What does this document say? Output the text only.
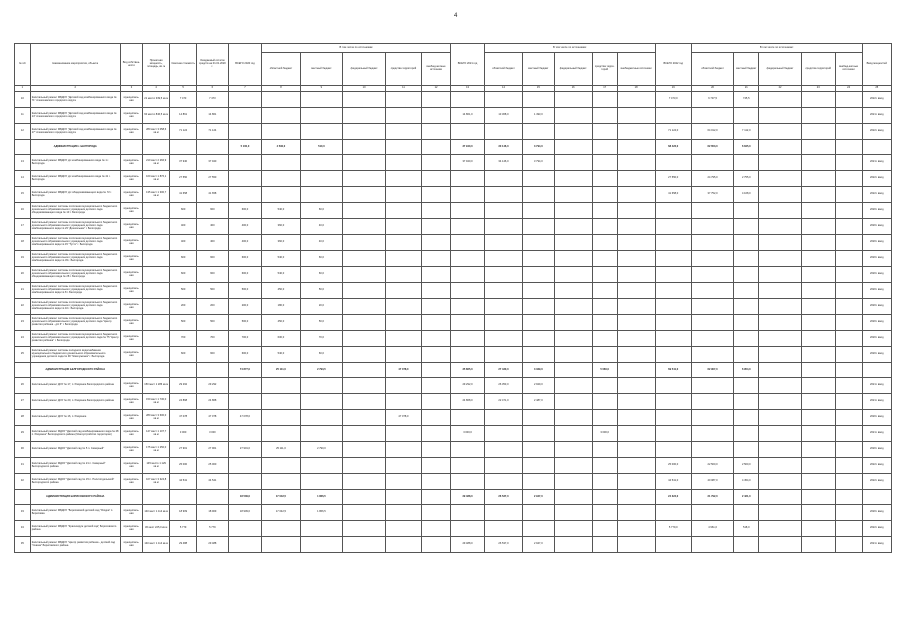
4
№ п/п	Наименование мероприятия, объекта	Вид собствен-ности	Проектная мощность, площадь, кв. м	Сметная стоимость	Ожидаемый остаток средств на 01.01.2020 г.	ВСЕГО 2020 год	В том числе по источникам:					ВСЕГО 2021 год	В том числе по источникам:					ВСЕГО 2022 год	В том числе по источникам:					Ввод мощностей
							областной бюджет	местный бюджет	федеральный бюджет	средства территорий	внебюд-жетные источники		областной бюджет	местный бюджет	федеральный бюджет	средства терри-торий	внебюджетные источники		областной бюджет	местный бюджет	федеральный бюджет	средства территорий	внебюд-жетные источники	
1	2	3	4	5	6	7	8	9	10	11	12	13	14	15	16	17	18	19	20	21	22	23	24	25
10	Капитальный ремонт МБДОУ "Детский сад комбинированного вида № 71" Алексеевского городского округа	муниципаль-ная	21 место 339,5 кв.м	7 473	7 473													7 473,0	6 737,5	745,5				2022г. ввод
11	Капитальный ремонт МБДОУ "Детский сад комбинированного вида № 14" Алексеевского городского округа	муниципаль-ная	60 место 846,5 кв.м	14 861	14 861							14 861,0	13 368,0	1 493,0										2021г. ввод
12	Капитальный ремонт МБДОУ "Детский сад комбинированного вида № 17" Алексеевского городского округа	муниципаль-ная	280 мест 3 058,6 кв.м	71 124	71 124													71 124,0	64 012,0	7 112,0				2022г. ввод
	АДМИНИСТРАЦИЯ г. БЕЛГОРОДА					5 100,0	4 590,0	510,0				37 940,0	30 146,0	3 794,0				68 422,0	62 653,0	6 845,0				
13	Капитальный ремонт МБДОУ д/с комбинированного вида № 1 г. Белгорода	муниципаль-ная	210 мест 2 266,9 кв.м	37 940	37 940							37 940,0	34 146,0	3 794,0										2021г. ввод
14	Капитальный ремонт МБДОУ д/с комбинированного вида № 41 г. Белгорода	муниципаль-ная	160 мест 1 876,1 кв.м	27 550	27 550													27 550,0	24 795,0	2 755,0				2022г. ввод
15	Капитальный ремонт МБДОУ д/с общеразвивающего вида № 72 г. Белгорода	муниципаль-ная	135 мест 1 300,7 кв.м	41 658	41 658													41 658,0	37 752,0	4 168,0				2022г. ввод
16	Капитальный ремонт системы отопления муниципального бюджетного дошкольного образовательного учреждения детского сада общеразвивающего вида № 13 г. Белгорода	муниципаль-ная		600	600	600,0	540,0	60,0																2020г. ввод
17	Капитальный ремонт системы отопления муниципального бюджетного дошкольного образовательного учреждения детского сада комбинированного вида № 23 "Дошкольник" г. Белгорода	муниципаль-ная		400	400	400,0	360,0	40,0																2020г. ввод
18	Капитальный ремонт системы отопления муниципального бюджетного дошкольного образовательного учреждения детского сада комбинированного вида № 15 "Тутти" г. Белгорода	муниципаль-ная		400	400	400,0	360,0	40,0																2020г. ввод
19	Капитальный ремонт системы отопления муниципального бюджетного дошкольного образовательного учреждения детского сада комбинированного вида № 33 г. Белгорода	муниципаль-ная		600	600	600,0	540,0	60,0																2020г. ввод
20	Капитальный ремонт системы отопления муниципального бюджетного дошкольного образовательного учреждения детского сада общеразвивающего вида № 28 г. Белгорода	муниципаль-ная		600	600	600,0	540,0	60,0																2020г. ввод
21	Капитальный ремонт системы отопления муниципального бюджетного дошкольного образовательного учреждения детского сада комбинированного вида № 8 г. Белгорода	муниципаль-ная		500	500	500,0	450,0	50,0																2020г. ввод
22	Капитальный ремонт системы отопления муниципального бюджетного дошкольного образовательного учреждения детского сада комбинированного вида № 10 г. Белгорода	муниципаль-ная		200	200	200,0	180,0	20,0																2020г. ввод
23	Капитальный ремонт системы отопления муниципального бюджетного дошкольного образовательного учреждения детского сада "Центр развития ребенка - д/с 6" г. Белгорода	муниципаль-ная		500	500	500,0	450,0	50,0																2020г. ввод
24	Капитальный ремонт системы отопления муниципального бюджетного дошкольного образовательного учреждения детского сада № 75 "Центр развития ребенка" г. Белгорода	муниципаль-ная		700	700	700,0	630,0	70,0																2020г. ввод
25	Капитальный ремонт системы холодного водоснабжения муниципального бюджетного дошкольного образовательного учреждения детского сада № 90 "Жемчужинка" г. Белгорода	муниципаль-ная		600	600	600,0	540,0	60,0																2020г. ввод
	АДМИНИСТРАЦИЯ БЕЛГОРОДСКОГО РАЙОНА					74 877,0	25 111,0	2 793,5		47 078,0		35 865,0	27 430,0	3 329,0		5 060,0		69 541,0	62 907,0	6 954,0				
26	Капитальный ремонт ДОУ № 17, п. Разумное Белгородского района	муниципаль-ная	150 мест 1 286 кв.м	29 292	29 292							29 292,0	26 353,0	2 929,0										2021г. ввод
27	Капитальный ремонт ДОУ № 20, п. Разумное Белгородского района	муниципаль-ная	150 мест 1 730,0 кв.м	24 868	24 868							24 868,0	22 471,0	2 487,0										2021г. ввод
28	Капитальный ремонт ДОУ № 16, п. Разумное	муниципаль-ная	280 мест 3 600,0 кв.м	47 078	47 078	47 078,0				47 078,0														2020г. ввод
29	Капитальный ремонт МДОУ "Детский сад комбинированного вида № 28 п. Разумное" Белгородского района (благоустройство территории)	муниципаль-ная	147 мест 1 107,7 кв.м	3 000	3 000							3 000,0				3 000,0								2021г. ввод
30	Капитальный ремонт МДОУ "Детский сад № 5 п. Северный"	муниципаль-ная	175 мест 1 250,0 кв.м	27 901	27 901	27 901,0	25 111,0	2 790,0																2020г. ввод
31	Капитальный ремонт МДОУ "Детский сад № 21 п. Северный" Белгородского района	муниципаль-ная	145 место 1 129 кв.м	25 000	25 000													25 000,0	22 500,0	2 500,0				2022г. ввод
32	Капитальный ремонт МДОУ "Детский сад № 15 п. Политотдельский" Белгородского района	муниципаль-ная	107 мест 3 324,8 кв.м	44 541	44 541													44 541,0	40 087,0	4 454,0				2022г. ввод
	АДМИНИСТРАЦИЯ БОРИСОВСКОГО РАЙОНА					18 509,0	17 042,5	1 866,5				29 488,0	26 537,0	2 947,0				24 324,0	21 792,0	2 421,0				
33	Капитальный ремонт МБДОУ "Борисовский детский сад "Ягодка" п. Борисовка	муниципаль-ная	140 мест 1 114 кв.м	18 909	18 909	18 909,0	17 042,5	1 866,5																2020г. ввод
34	Капитальный ремонт МБДОУ "Краснояруж детский сад" Борисовского района	муниципаль-ная	36 мест 225,0 кв.м	5 779	5 779													5 779,0	4 961,0	518,0				2022г. ввод
35	Капитальный ремонт МБДОУ "Центр развития ребенка - детский сад "Сказка" Борисовского района	муниципаль-ная	140 мест 1 114 кв.м	29 488	29 488							29 488,0	26 537,0	2 947,0										2021г. ввод
